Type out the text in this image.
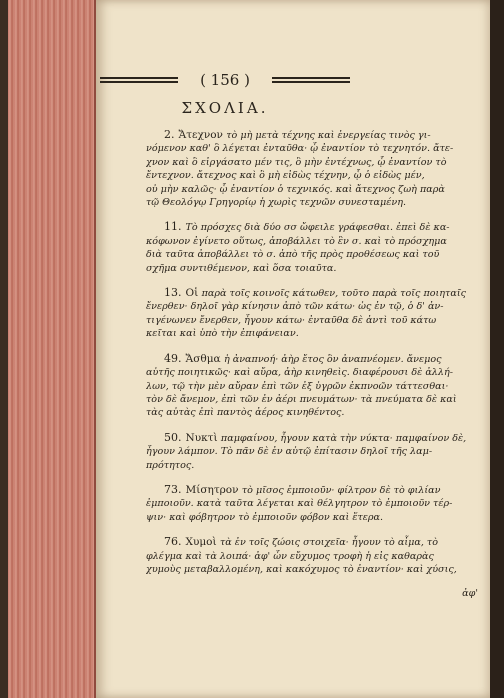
( 156 )
ΣΧΟΛΙΑ.
2. Ἄτεχνον τὸ μὴ μετὰ τέχνης καὶ ἐνεργείας τινὸς γι-
νόμενον καθ' ὃ λέγεται ἐνταῦθα· ᾧ ἐναντίον τὸ τεχνητόν. ἄτε-
χνον καὶ ὃ εἰργάσατο μέν τις, ὃ μὴν ἐντέχνως, ᾧ ἐναντίον τὸ
ἔντεχνον. ἄτεχνος καὶ ὃ μὴ εἰδὼς τέχνην, ᾧ ὁ εἰδὼς μέν,
οὐ μὴν καλῶς· ᾧ ἐναντίον ὁ τεχνικός. καὶ ἄτεχνος ζωὴ παρὰ
τῷ Θεολόγῳ Γρηγορίῳ ἡ χωρὶς τεχνῶν συνεσταμένη.
11. Τὸ πρόσχες διὰ δύο σσ ὤφειλε γράφεσθαι. ἐπεὶ δὲ κα-
κόφωνον ἐγίνετο οὕτως, ἀποβάλλει τὸ ἓν σ. καὶ τὸ πρόσχημα
διὰ ταῦτα ἀποβάλλει τὸ σ. ἀπὸ τῆς πρὸς προθέσεως καὶ τοῦ
σχῆμα συντιθέμενον, καὶ ὅσα τοιαῦτα.
13. Οἱ παρὰ τοῖς κοινοῖς κάτωθεν, τοῦτο παρὰ τοῖς ποιηταῖς
ἔνερθεν· δηλοῖ γὰρ κίνησιν ἀπὸ τῶν κάτω· ὡς ἐν τῷ, ὁ δ' ἀν-
τιγένωνεν ἔνερθεν, ἦγουν κάτω· ἐνταῦθα δὲ ἀντὶ τοῦ κάτω
κεῖται καὶ ὑπὸ τὴν ἐπιφάνειαν.
49. Ἄσθμα ἡ ἀναπνοή· ἀὴρ ἔτος ὃν ἀναπνέομεν. ἄνεμος
αὐτῆς ποιητικῶς· καὶ αὔρα, ἀὴρ κινηθεὶς. διαφέρουσι δὲ ἀλλή-
λων, τῷ τὴν μὲν αὔραν ἐπὶ τῶν ἐξ ὑγρῶν ἐκπνοῶν τάττεσθαι·
τὸν δὲ ἄνεμον, ἐπὶ τῶν ἐν ἀέρι πνευμάτων· τὰ πνεύματα δὲ καὶ
τὰς αὐτὰς ἐπὶ παντὸς ἀέρος κινηθέντος.
50. Νυκτὶ παμφαίνου, ἦγουν κατὰ τὴν νύκτα· παμφαίνον δὲ,
ἦγουν λάμπον. Τὸ πᾶν δὲ ἐν αὐτῷ ἐπίτασιν δηλοῖ τῆς λαμ-
πρότητος.
73. Μίσητρον τὸ μῖσος ἐμποιοῦν· φίλτρον δὲ τὸ φιλίαν
ἐμποιοῦν. κατὰ ταῦτα λέγεται καὶ θέλγητρον τὸ ἐμποιοῦν τέρ-
ψιν· καὶ φόβητρον τὸ ἐμποιοῦν φόβον καὶ ἕτερα.
76. Χυμοὶ τὰ ἐν τοῖς ζώοις στοιχεῖα· ἦγουν τὸ αἷμα, τὸ
φλέγμα καὶ τὰ λοιπά· ἀφ' ὧν εὔχυμος τροφὴ ἡ εἰς καθαρὰς
χυμοὺς μεταβαλλομένη, καὶ κακόχυμος τὸ ἐναντίον· καὶ χύσις,
ἀφ'
